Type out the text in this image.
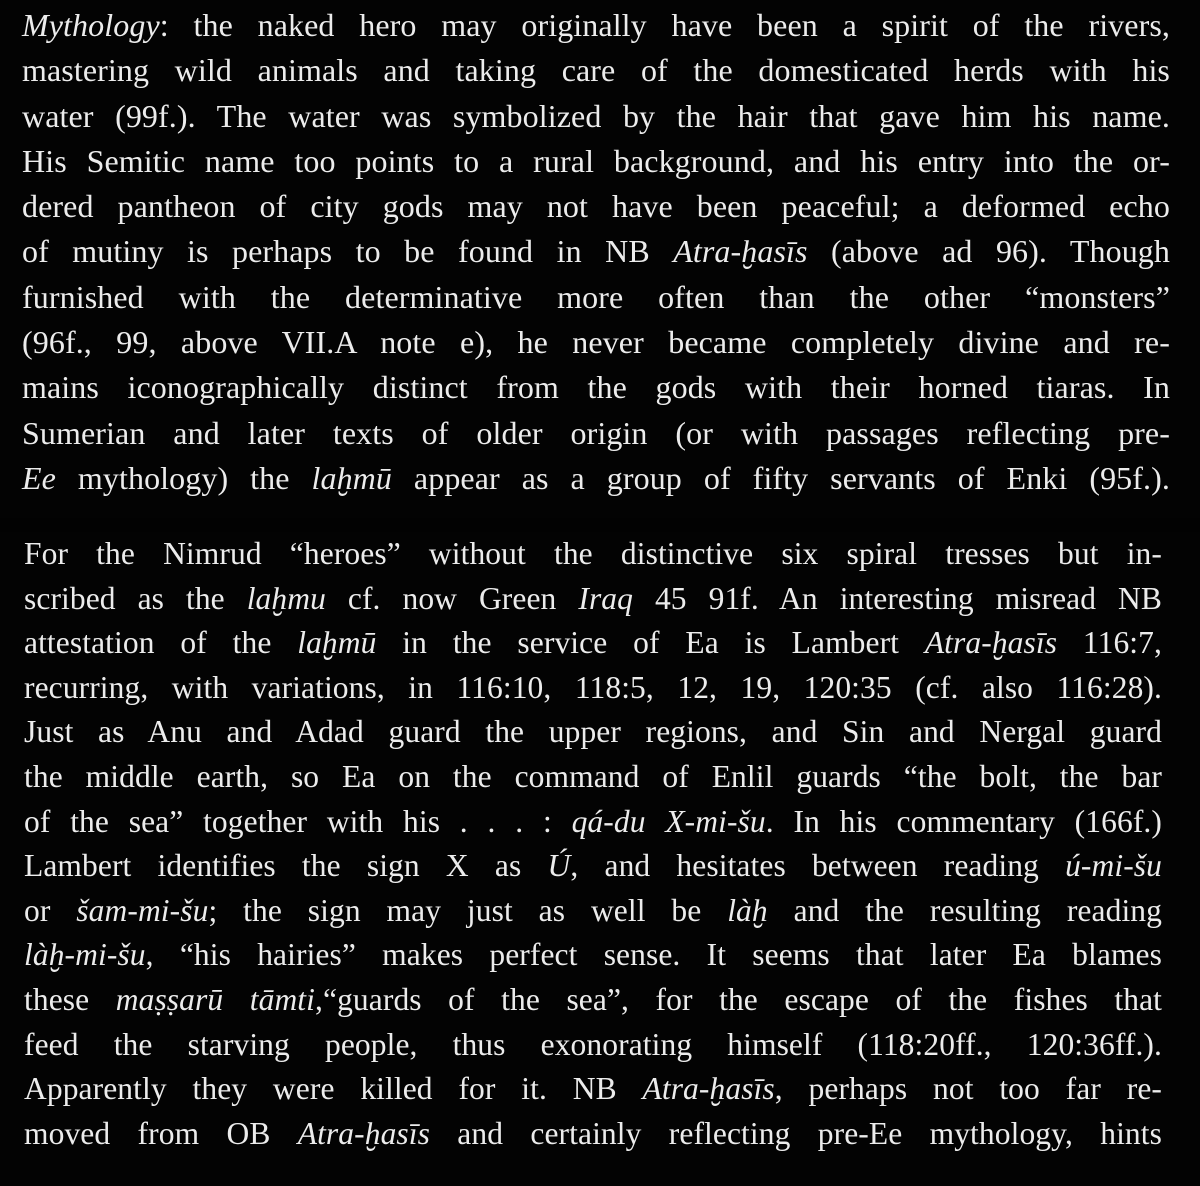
Mythology: the naked hero may originally have been a spirit of the rivers,
mastering wild animals and taking care of the domesticated herds with his
water (99f.). The water was symbolized by the hair that gave him his name.
His Semitic name too points to a rural background, and his entry into the or-
dered pantheon of city gods may not have been peaceful; a deformed echo
of mutiny is perhaps to be found in NB Atra-ḫasīs (above ad 96). Though
furnished with the determinative more often than the other “monsters”
(96f., 99, above VII.A note e), he never became completely divine and re-
mains iconographically distinct from the gods with their horned tiaras. In
Sumerian and later texts of older origin (or with passages reflecting pre-
Ee mythology) the laḫmū appear as a group of fifty servants of Enki (95f.).
For the Nimrud “heroes” without the distinctive six spiral tresses but in-
scribed as the laḫmu cf. now Green Iraq 45 91f. An interesting misread NB
attestation of the laḫmū in the service of Ea is Lambert Atra-ḫasīs 116:7,
recurring, with variations, in 116:10, 118:5, 12, 19, 120:35 (cf. also 116:28).
Just as Anu and Adad guard the upper regions, and Sin and Nergal guard
the middle earth, so Ea on the command of Enlil guards “the bolt, the bar
of the sea” together with his . . . : qá-du X-mi-šu. In his commentary (166f.)
Lambert identifies the sign X as Ú, and hesitates between reading ú-mi-šu
or šam-mi-šu; the sign may just as well be làḫ and the resulting reading
làḫ-mi-šu, “his hairies” makes perfect sense. It seems that later Ea blames
these maṣṣarū tāmti,“guards of the sea”, for the escape of the fishes that
feed the starving people, thus exonorating himself (118:20ff., 120:36ff.).
Apparently they were killed for it. NB Atra-ḫasīs, perhaps not too far re-
moved from OB Atra-ḫasīs and certainly reflecting pre-Ee mythology, hints
